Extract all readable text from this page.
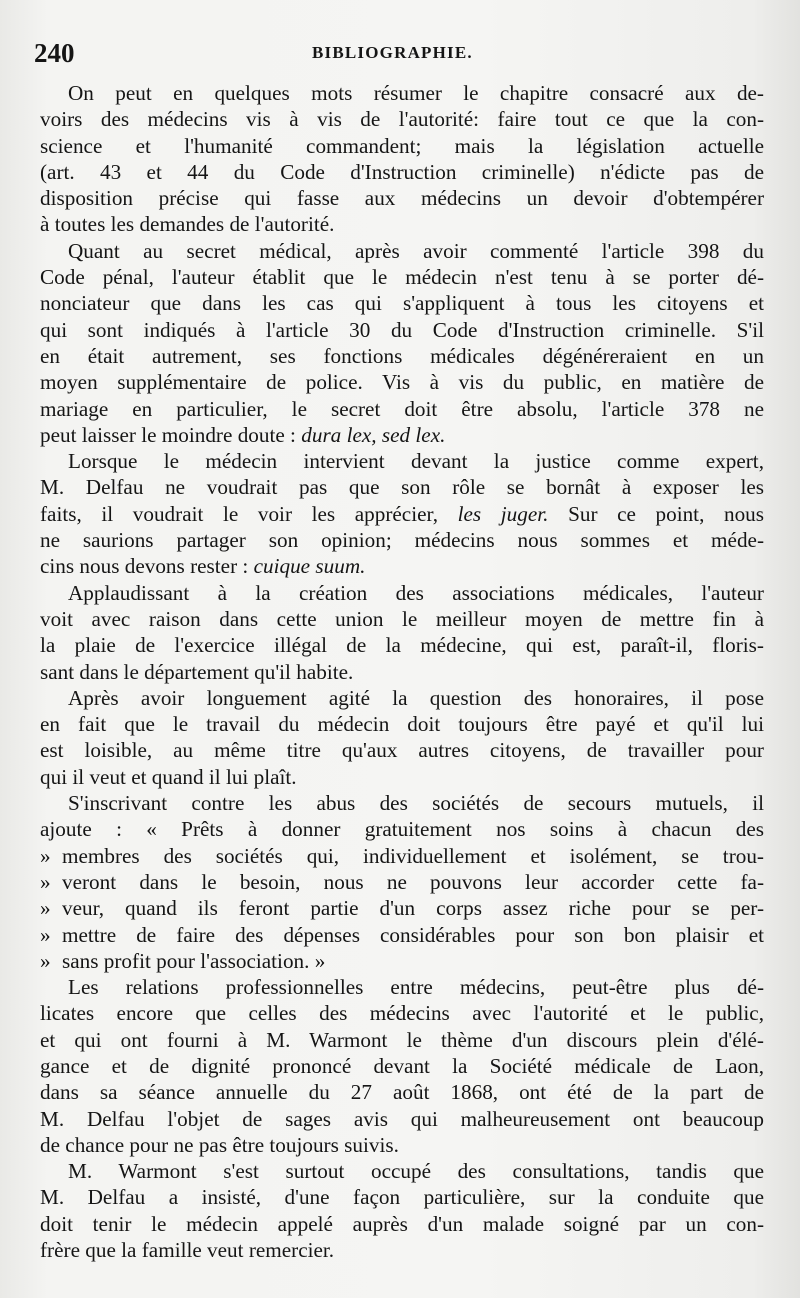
240	BIBLIOGRAPHIE.
On peut en quelques mots résumer le chapitre consacré aux de-
voirs des médecins vis à vis de l'autorité: faire tout ce que la con-
science et l'humanité commandent; mais la législation actuelle
(art. 43 et 44 du Code d'Instruction criminelle) n'édicte pas de
disposition précise qui fasse aux médecins un devoir d'obtempérer
à toutes les demandes de l'autorité.
Quant au secret médical, après avoir commenté l'article 398 du
Code pénal, l'auteur établit que le médecin n'est tenu à se porter dé-
nonciateur que dans les cas qui s'appliquent à tous les citoyens et
qui sont indiqués à l'article 30 du Code d'Instruction criminelle. S'il
en était autrement, ses fonctions médicales dégénéreraient en un
moyen supplémentaire de police. Vis à vis du public, en matière de
mariage en particulier, le secret doit être absolu, l'article 378 ne
peut laisser le moindre doute : dura lex, sed lex.
Lorsque le médecin intervient devant la justice comme expert,
M. Delfau ne voudrait pas que son rôle se bornât à exposer les
faits, il voudrait le voir les apprécier, les juger. Sur ce point, nous
ne saurions partager son opinion; médecins nous sommes et méde-
cins nous devons rester : cuique suum.
Applaudissant à la création des associations médicales, l'auteur
voit avec raison dans cette union le meilleur moyen de mettre fin à
la plaie de l'exercice illégal de la médecine, qui est, paraît-il, floris-
sant dans le département qu'il habite.
Après avoir longuement agité la question des honoraires, il pose
en fait que le travail du médecin doit toujours être payé et qu'il lui
est loisible, au même titre qu'aux autres citoyens, de travailler pour
qui il veut et quand il lui plaît.
S'inscrivant contre les abus des sociétés de secours mutuels, il
ajoute : « Prêts à donner gratuitement nos soins à chacun des
» membres des sociétés qui, individuellement et isolément, se trou-
» veront dans le besoin, nous ne pouvons leur accorder cette fa-
» veur, quand ils feront partie d'un corps assez riche pour se per-
» mettre de faire des dépenses considérables pour son bon plaisir et
» sans profit pour l'association. »
Les relations professionnelles entre médecins, peut-être plus dé-
licates encore que celles des médecins avec l'autorité et le public,
et qui ont fourni à M. Warmont le thème d'un discours plein d'élé-
gance et de dignité prononcé devant la Société médicale de Laon,
dans sa séance annuelle du 27 août 1868, ont été de la part de
M. Delfau l'objet de sages avis qui malheureusement ont beaucoup
de chance pour ne pas être toujours suivis.
M. Warmont s'est surtout occupé des consultations, tandis que
M. Delfau a insisté, d'une façon particulière, sur la conduite que
doit tenir le médecin appelé auprès d'un malade soigné par un con-
frère que la famille veut remercier.
